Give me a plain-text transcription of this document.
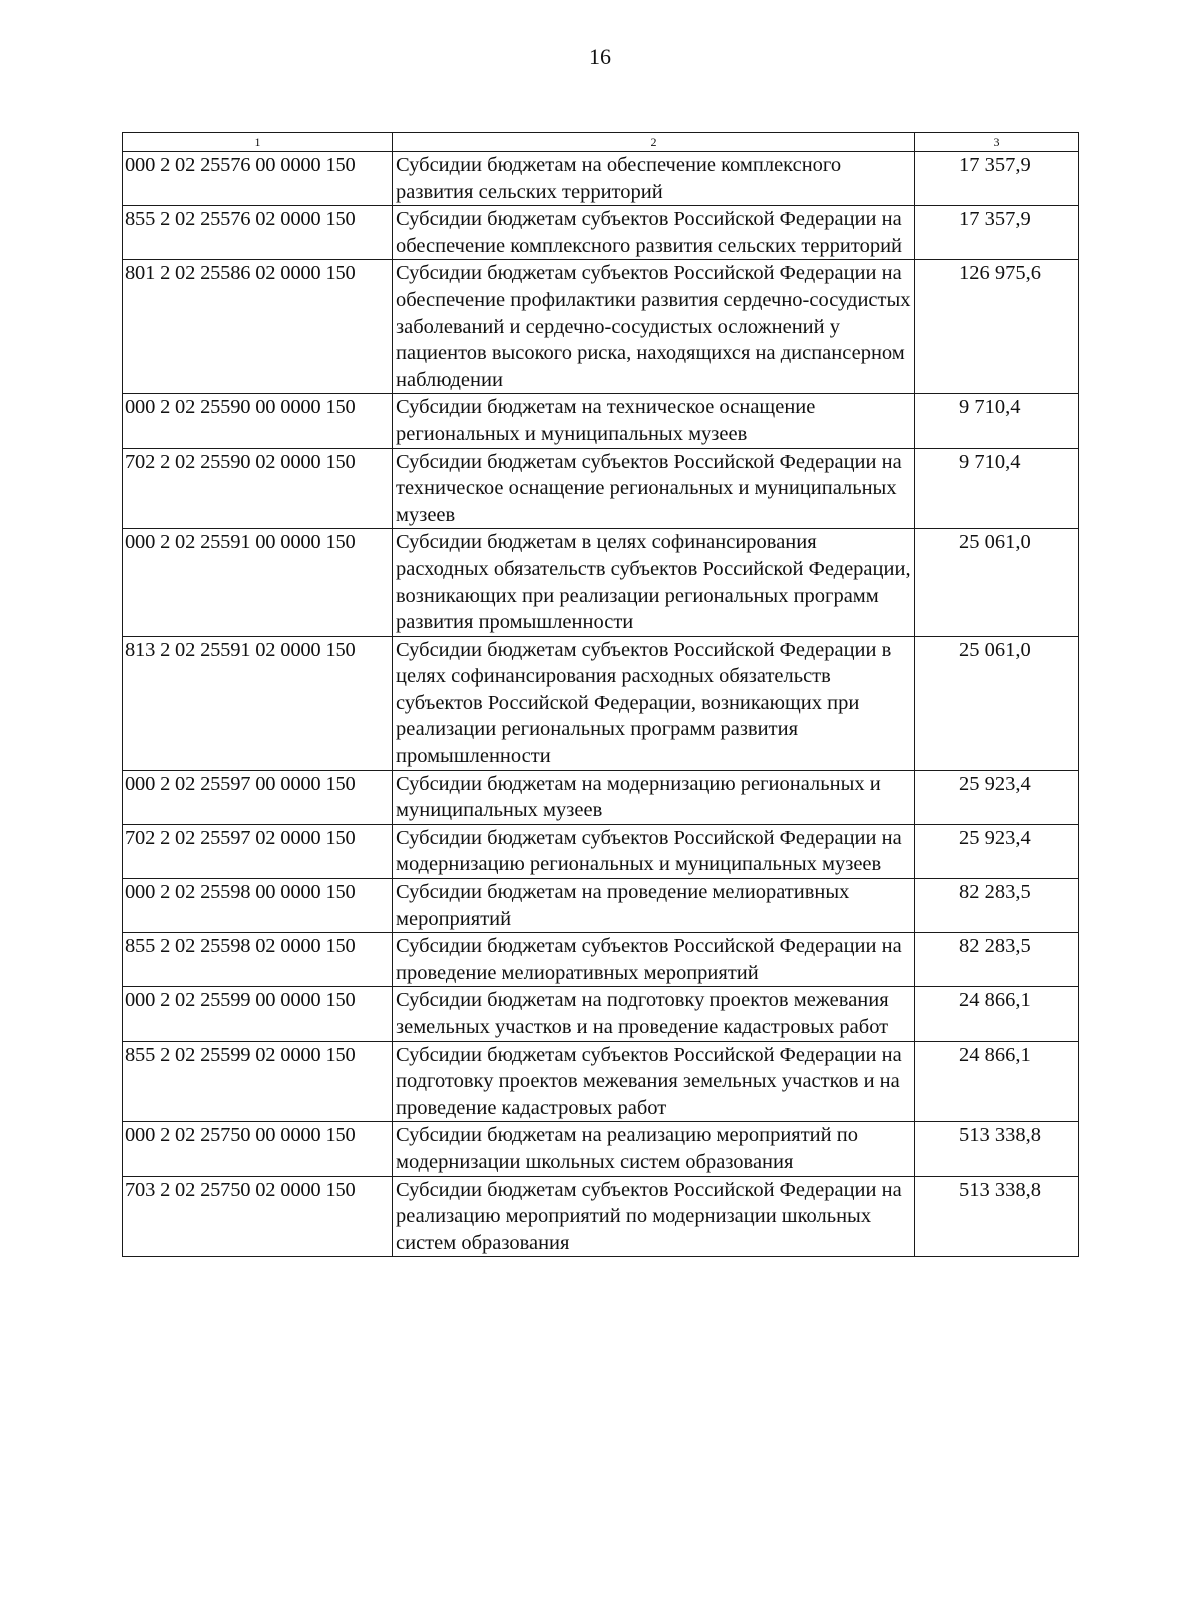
16
1	2	3
000 2 02 25576 00 0000 150	Субсидии бюджетам на обеспечение комплексного развития сельских территорий	17 357,9
855 2 02 25576 02 0000 150	Субсидии бюджетам субъектов Российской Федерации на обеспечение комплексного развития сельских территорий	17 357,9
801 2 02 25586 02 0000 150	Субсидии бюджетам субъектов Российской Федерации на обеспечение профилактики развития сердечно-сосудистых заболеваний и сердечно-сосудистых осложнений у пациентов высокого риска, находящихся на диспансерном наблюдении	126 975,6
000 2 02 25590 00 0000 150	Субсидии бюджетам на техническое оснащение региональных и муниципальных музеев	9 710,4
702 2 02 25590 02 0000 150	Субсидии бюджетам субъектов Российской Федерации на техническое оснащение региональных и муниципальных музеев	9 710,4
000 2 02 25591 00 0000 150	Субсидии бюджетам в целях софинансирования расходных обязательств субъектов Российской Федерации, возникающих при реализации региональных программ развития промышленности	25 061,0
813 2 02 25591 02 0000 150	Субсидии бюджетам субъектов Российской Федерации в целях софинансирования расходных обязательств субъектов Российской Федерации, возникающих при реализации региональных программ развития промышленности	25 061,0
000 2 02 25597 00 0000 150	Субсидии бюджетам на модернизацию региональных и муниципальных музеев	25 923,4
702 2 02 25597 02 0000 150	Субсидии бюджетам субъектов Российской Федерации на модернизацию региональных и муниципальных музеев	25 923,4
000 2 02 25598 00 0000 150	Субсидии бюджетам на проведение мелиоративных мероприятий	82 283,5
855 2 02 25598 02 0000 150	Субсидии бюджетам субъектов Российской Федерации на проведение мелиоративных мероприятий	82 283,5
000 2 02 25599 00 0000 150	Субсидии бюджетам на подготовку проектов межевания земельных участков и на проведение кадастровых работ	24 866,1
855 2 02 25599 02 0000 150	Субсидии бюджетам субъектов Российской Федерации на подготовку проектов межевания земельных участков и на проведение кадастровых работ	24 866,1
000 2 02 25750 00 0000 150	Субсидии бюджетам на реализацию мероприятий по модернизации школьных систем образования	513 338,8
703 2 02 25750 02 0000 150	Субсидии бюджетам субъектов Российской Федерации на реализацию мероприятий по модернизации школьных систем образования	513 338,8
